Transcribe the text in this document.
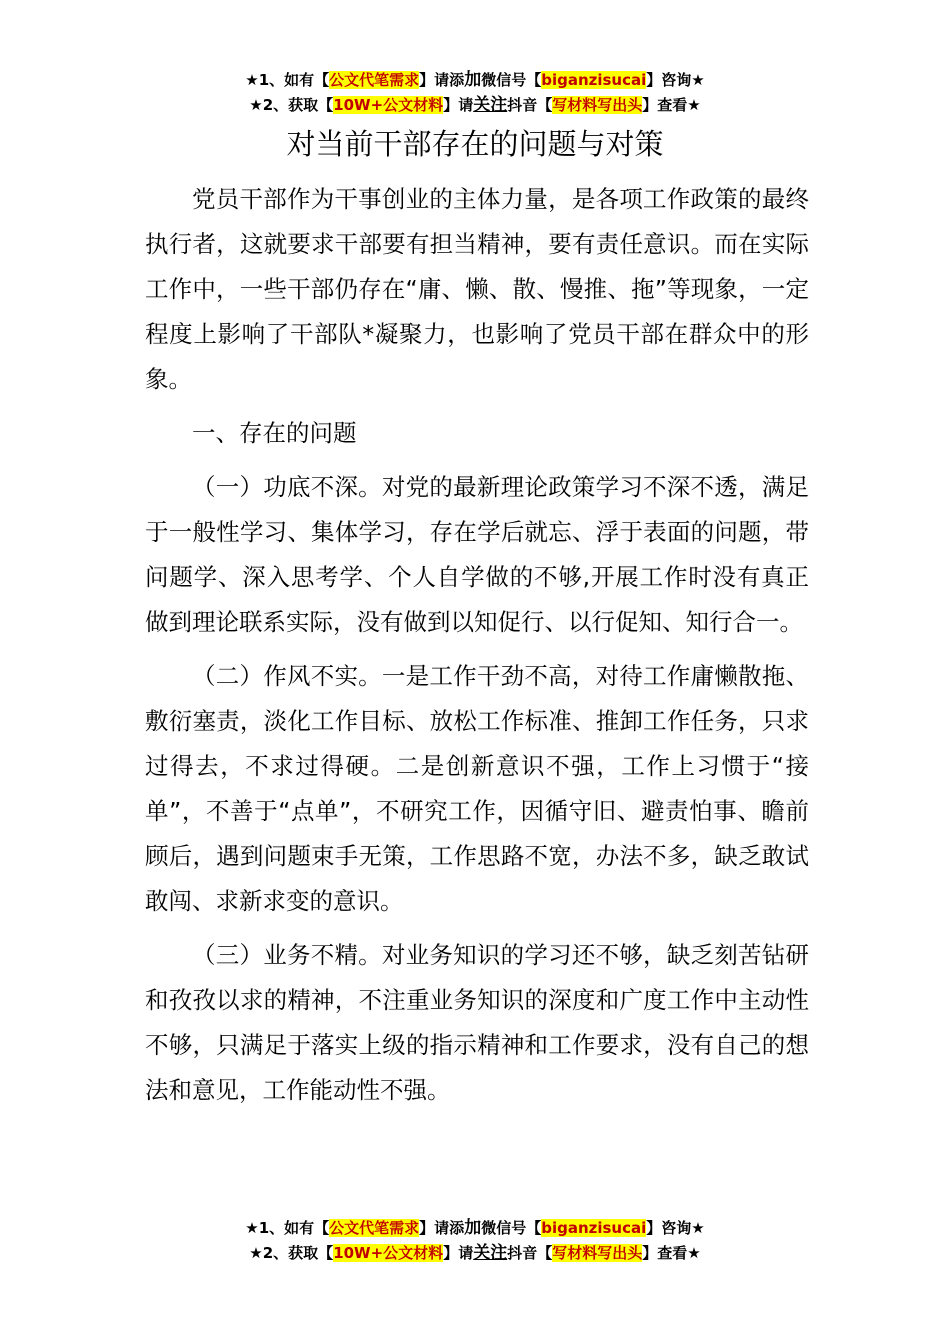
★1、如有【公文代笔需求】请添加微信号【biganzisucai】咨询★
★2、获取【10W+公文材料】请关注抖音【写材料写出头】查看★
对当前干部存在的问题与对策

党员干部作为干事创业的主体力量，是各项工作政策的最终执行者，这就要求干部要有担当精神，要有责任意识。而在实际工作中，一些干部仍存在“庸、懒、散、慢推、拖”等现象，一定程度上影响了干部队*凝聚力，也影响了党员干部在群众中的形象。

一、存在的问题

（一）功底不深。对党的最新理论政策学习不深不透，满足于一般性学习、集体学习，存在学后就忘、浮于表面的问题，带问题学、深入思考学、个人自学做的不够,开展工作时没有真正做到理论联系实际，没有做到以知促行、以行促知、知行合一。

（二）作风不实。一是工作干劲不高，对待工作庸懒散拖、敷衍塞责，淡化工作目标、放松工作标准、推卸工作任务，只求过得去，不求过得硬。二是创新意识不强，工作上习惯于“接单”，不善于“点单”，不研究工作，因循守旧、避责怕事、瞻前顾后，遇到问题束手无策，工作思路不宽，办法不多，缺乏敢试敢闯、求新求变的意识。

（三）业务不精。对业务知识的学习还不够，缺乏刻苦钻研和孜孜以求的精神，不注重业务知识的深度和广度工作中主动性不够，只满足于落实上级的指示精神和工作要求，没有自己的想法和意见，工作能动性不强。

★1、如有【公文代笔需求】请添加微信号【biganzisucai】咨询★
★2、获取【10W+公文材料】请关注抖音【写材料写出头】查看★
